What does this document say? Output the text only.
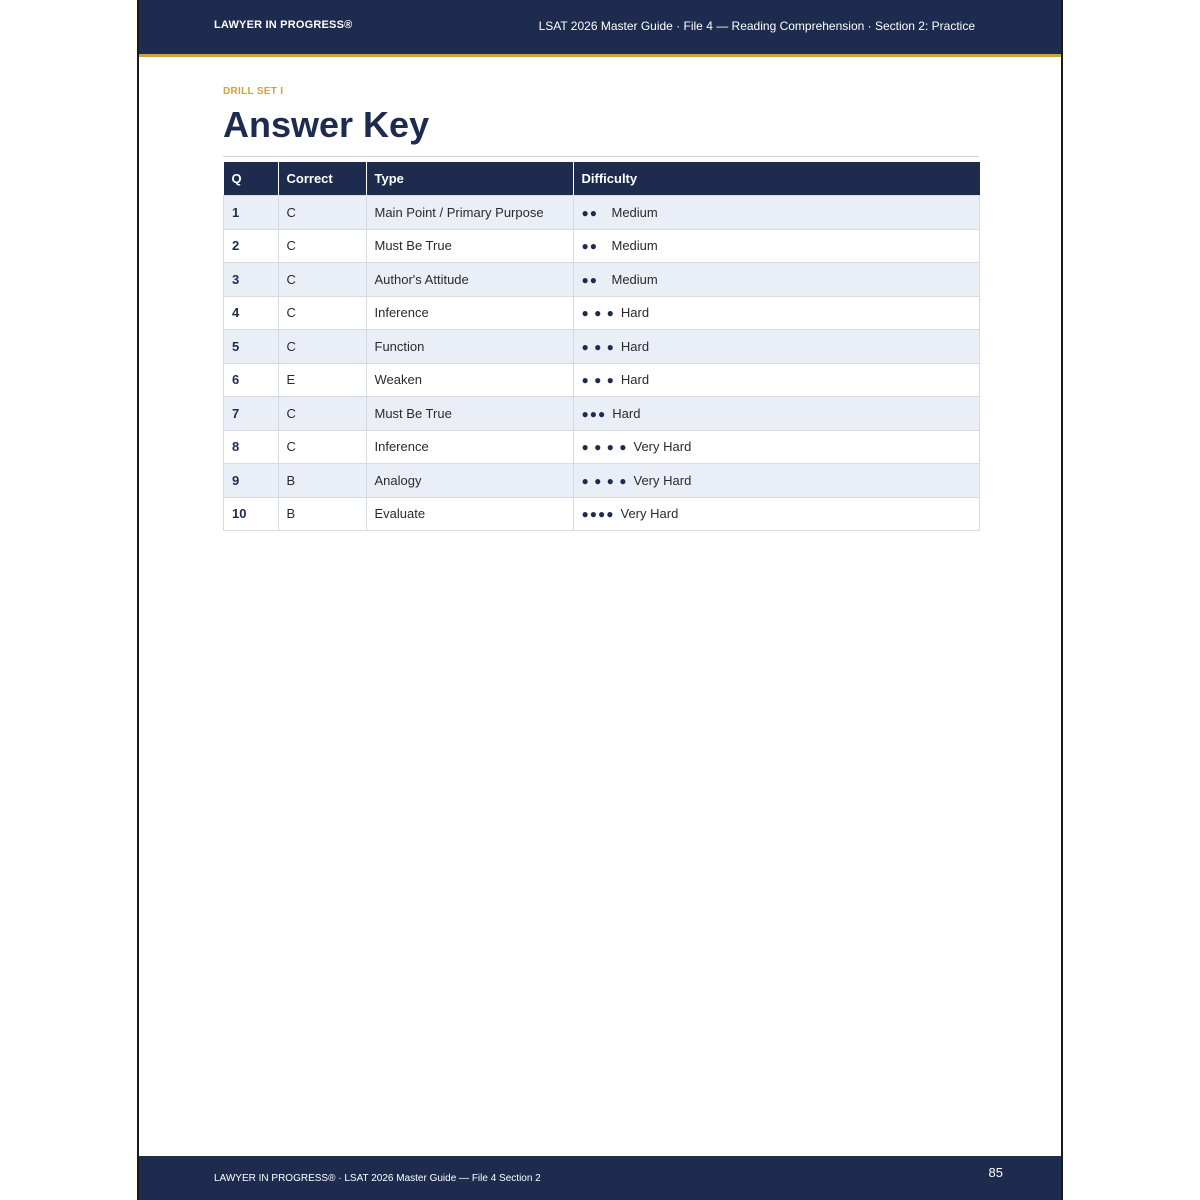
LAWYER IN PROGRESS®	LSAT 2026 Master Guide · File 4 — Reading Comprehension · Section 2: Practice
DRILL SET I
Answer Key
Q	Correct	Type	Difficulty
1	C	Main Point / Primary Purpose	●● Medium
2	C	Must Be True	●● Medium
3	C	Author's Attitude	●● Medium
4	C	Inference	● ● ● Hard
5	C	Function	● ● ● Hard
6	E	Weaken	● ● ● Hard
7	C	Must Be True	●●● Hard
8	C	Inference	● ● ● ● Very Hard
9	B	Analogy	● ● ● ● Very Hard
10	B	Evaluate	●●●● Very Hard
LAWYER IN PROGRESS® · LSAT 2026 Master Guide — File 4 Section 2	85
